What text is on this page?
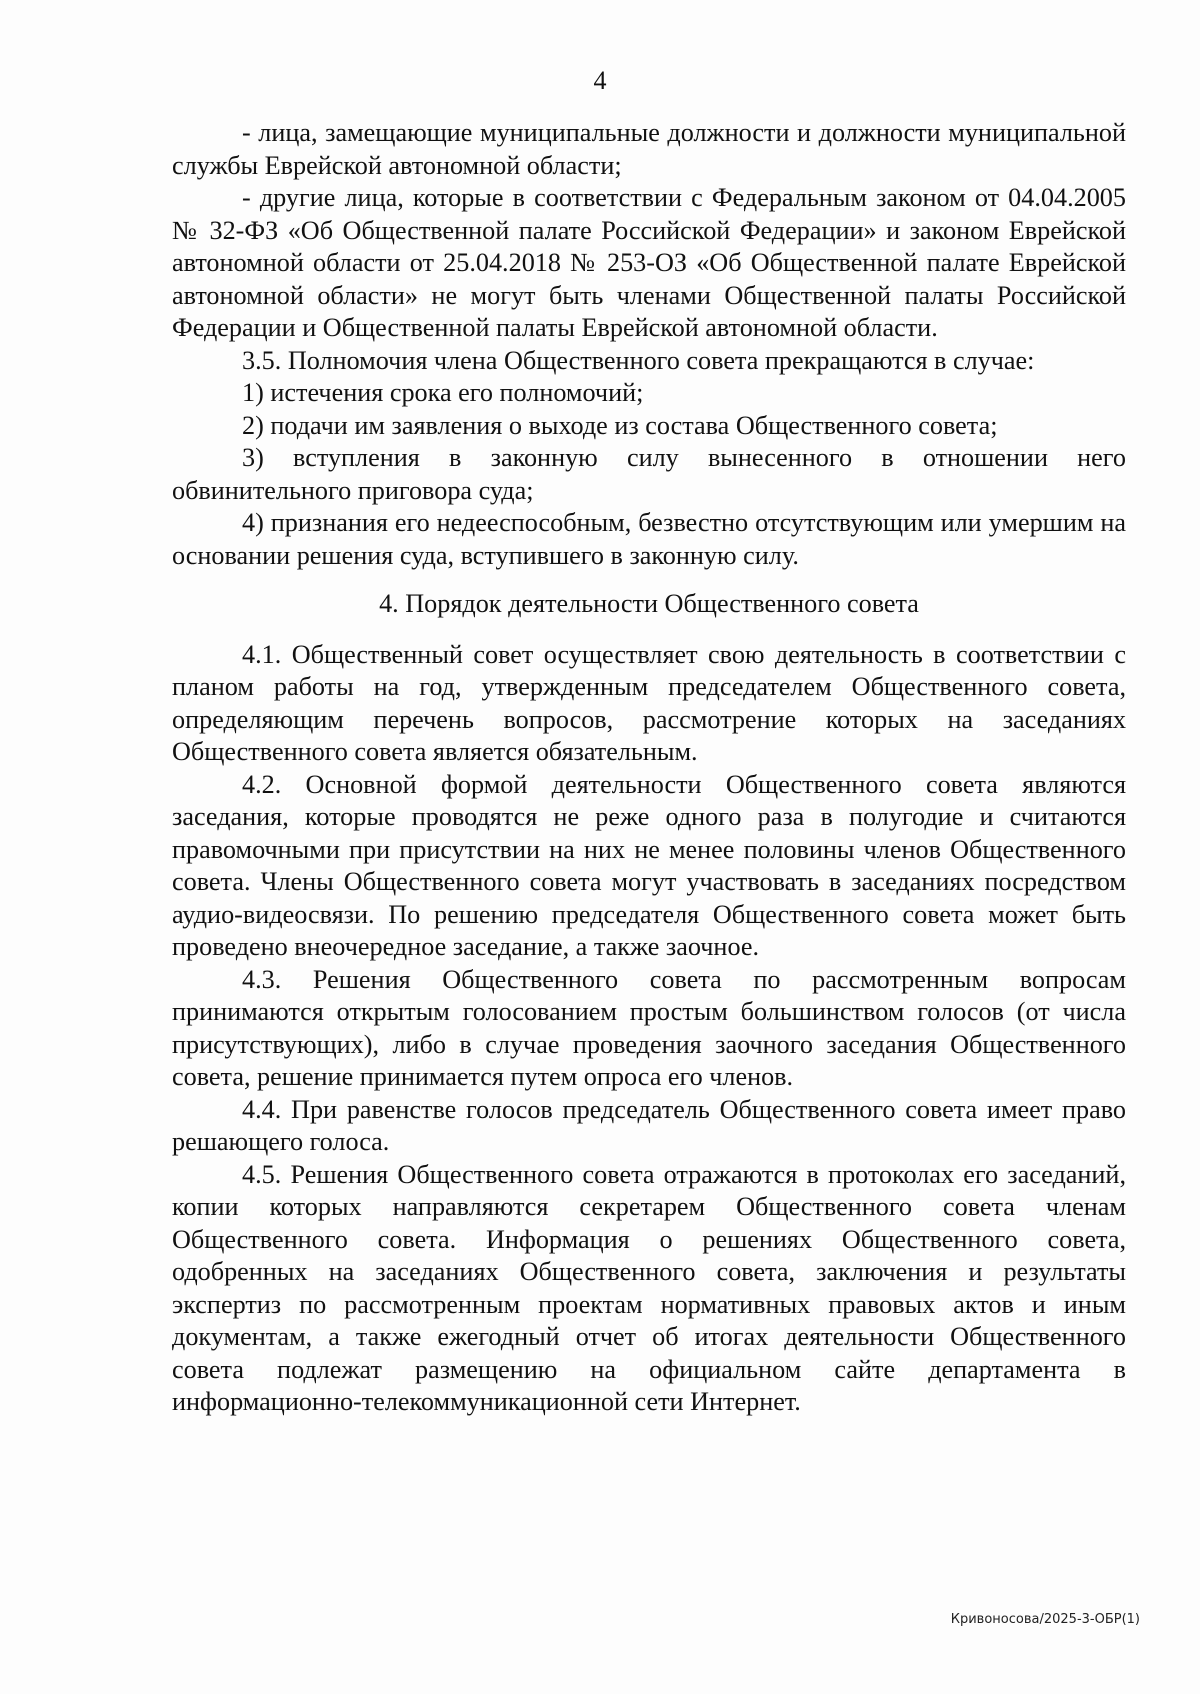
4

- лица, замещающие муниципальные должности и должности муниципальной службы Еврейской автономной области;

- другие лица, которые в соответствии с Федеральным законом от 04.04.2005 № 32-ФЗ «Об Общественной палате Российской Федерации» и законом Еврейской автономной области от 25.04.2018 № 253-ОЗ «Об Общественной палате Еврейской автономной области» не могут быть членами Общественной палаты Российской Федерации и Общественной палаты Еврейской автономной области.

3.5. Полномочия члена Общественного совета прекращаются в случае:

1) истечения срока его полномочий;

2) подачи им заявления о выходе из состава Общественного совета;

3) вступления в законную силу вынесенного в отношении него обвинительного приговора суда;

4) признания его недееспособным, безвестно отсутствующим или умершим на основании решения суда, вступившего в законную силу.

4. Порядок деятельности Общественного совета

4.1. Общественный совет осуществляет свою деятельность в соответствии с планом работы на год, утвержденным председателем Общественного совета, определяющим перечень вопросов, рассмотрение которых на заседаниях Общественного совета является обязательным.

4.2. Основной формой деятельности Общественного совета являются заседания, которые проводятся не реже одного раза в полугодие и считаются правомочными при присутствии на них не менее половины членов Общественного совета. Члены Общественного совета могут участвовать в заседаниях посредством аудио-видеосвязи. По решению председателя Общественного совета может быть проведено внеочередное заседание, а также заочное.

4.3. Решения Общественного совета по рассмотренным вопросам принимаются открытым голосованием простым большинством голосов (от числа присутствующих), либо в случае проведения заочного заседания Общественного совета, решение принимается путем опроса его членов.

4.4. При равенстве голосов председатель Общественного совета имеет право решающего голоса.

4.5. Решения Общественного совета отражаются в протоколах его заседаний, копии которых направляются секретарем Общественного совета членам Общественного совета. Информация о решениях Общественного совета, одобренных на заседаниях Общественного совета, заключения и результаты экспертиз по рассмотренным проектам нормативных правовых актов и иным документам, а также ежегодный отчет об итогах деятельности Общественного совета подлежат размещению на официальном сайте департамента в информационно-телекоммуникационной сети Интернет.

Кривоносова/2025-3-ОБР(1)
